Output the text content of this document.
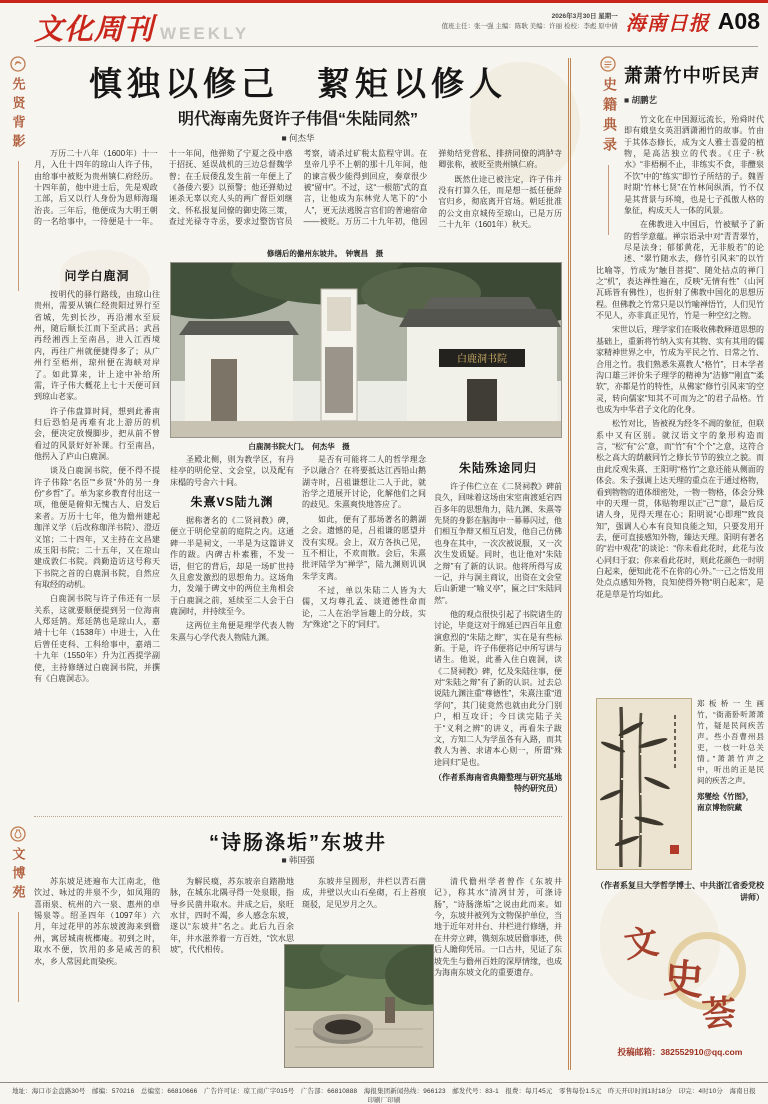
文化周刊 WEEKLY
2026年3月30日 星期一
值班主任：张一强 主编：陈耿 美编：许丽 检校：李彪 原中倩 海南日报 A08
先贤背影
文博苑
慎独以修己　絜矩以修人
明代海南先贤许子伟倡“朱陆同然”
■ 何杰华

万历二十八年（1600年）十一月，入仕十四年的琼山人许子伟，由给事中被贬为贵州镇仁府经历。十四年前，他中进士后，先是观政工部，后又以行人身份为恩师海瑞治丧。三年后，他便成为大明王朝的一名给事中，一待便是十一年。十一年间，他弹劾了宁夏之役中惑于招抚、延误战机的三边总督魏学曾；在壬辰倭乱发生前一年便上了《备倭六要》以预警；他还弹劾过诬杀无辜以充人头的两广督臣刘继文、怀私报复同僚的御史陈三策，查过光禄寺寺丞，要求过整饬官员考察，请杀过矿税太监程守训。在皇帝几乎不上朝的那十几年间，他的谏言极少能得到回应，奏章很少被“留中”。不过，这“一根筋”式的直言，让他成为东林党人笔下的“小人”，更无法逃脱言官们的普遍宿命——被贬。万历二十九年初，他因弹劾结党营私、排挤同僚的鸿胪寺卿张称，被贬至贵州镇仁府。

既然仕途已被注定，许子伟并没有打算久任，而是想一抵任便辞官归乡，彻底离开官场。朝廷批准的公文由京城传至琼山，已是万历二十九年（1601年）秋天。

问学白鹿洞

按明代的驿行路线，由琼山往贵州，需要从镇仁经贵阳过界行至省城，先到长沙，再沿湘水至辰州，随后顺长江而下至武昌；武昌再经湘西上至南昌，进入江西境内，再往广州就便捷得多了；从广州行至梧州，琼州便在海峡对岸了。如此算来，计上途中补给所需，许子伟大概花上七十天便可回到琼山老家。

许子伟盘算时间，想到此番南归后恐怕是再难有北上游历的机会，便决定放慢脚步，把从前不曾看过的风景好好补课。行至南昌，他拐入了庐山白鹿洞。

谈及白鹿洞书院，便不得不提许子伟除“名臣”“乡贤”外的另一身份“乡哲”了。单为家乡教育付出这一项，他便是俯仰无愧古人、启发后来者。万历十七年，他为儋州建起珈洋义学（后改称珈洋书院）、澄迈义馆；二十四年，又主持在文昌建成玉阳书院；二十五年，又在琼山建成敦仁书院。尚勤造访这号称天下书院之首的白鹿洞书院，自然应有取经的动机。

白鹿洞书院与许子伟还有一层关系，这就要顺便提到另一位海南人郑廷鹄。郑廷鹄也是琼山人，嘉靖十七年（1538年）中进士，入仕后曾任吏科、工科给事中，嘉靖二十九年（1550年）升为江西提学副使，主持修缮过白鹿洞书院，并撰有《白鹿洞志》。

白鹿洞书院
白鹿洞书院大门。　何杰华　摄

圣殿北侧，则为教学区，有丹桂亭的明伦堂、文会堂，以及配有床榻的号舍六十间。

朱熹VS陆九渊

据称著名的《二贤祠教》碑，便立于明伦堂前的庭院之内。这通碑一半是祠文，一半是为这篇讲义作的跋。内碑古朴素雅，不发一语，但它的背后，却是一场旷世持久且愈发激烈的思想角力。这场角力，发端于碑文中的两位主角相会于白鹿洞之前，延续至二人会于白鹿洞时，并持续至今。

这两位主角便是理学代表人物朱熹与心学代表人物陆九渊。

是否有可能将二人的哲学理念予以融合？在将要抵达江西铅山鹅湖寺时，吕祖谦想让二人于此，就治学之道展开讨论，化解他们之间的歧见。朱熹爽快地答应了。

如此，便有了那场著名的鹅湖之会。遗憾的是，吕祖谦的愿望并没有实现。会上，双方各执己见，互不相让，不欢而散。会后，朱熹批评陆学为“禅学”，陆九渊则讥讽朱学支离。

不过，单以朱陆二人皆为大儒，又均尊孔孟、谈道德性命而论，二人在治学旨趣上的分歧，实为“殊途”之下的“同归”。

朱陆殊途同归

许子伟伫立在《二贤祠教》碑前良久，回味着这场由宋室南渡延宕四百多年的思想角力，陆九渊、朱熹等先贤的身影在脑海中一幕幕闪过，他们相互争辩又相互启发，他自己仿佛也身在其中，一次次被说服，又一次次生发质疑。同时，也让他对“朱陆之辩”有了新的认识。他将所得写成一记，并与洞主商议，出资在文会堂后山新建一“喻义亭”，匾之曰“朱陆同然”。

他的观点很快引起了书院诸生的讨论，毕竟这对于绵延已四百年且愈演愈烈的“朱陆之辩”，实在是有些标新。于是，许子伟便将记中所写讲与诸生。他说，此番入住白鹿洞，读《二贤祠教》碑，忆及朱陆往事，便对“朱陆之辩”有了新的认识。过去总说陆九渊注重“尊德性”，朱熹注重“道学问”，其门徒竟然也就由此分门别户，相互攻讦；今日读完陆子关于“义利之辨”的讲义，再看朱子跋文，方知二人为学虽各有入路，而其教人为善、求诸本心则一，所谓“殊途同归”是也。

（作者系海南省典籍整理与研究基地特约研究员）
“诗肠涤垢”东坡井
■ 韩国强

苏东坡足迹遍布大江南北，他饮过、咏过的井泉不少，如凤翔的喜雨泉、杭州的六一泉、惠州的卓锡泉等。绍圣四年（1097年）六月，年过花甲的苏东坡渡海来到儋州，寓居城南桄榔庵。初到之时，取水不便，饮用的多是咸苦的积水，乡人常因此而染疾。

为解民瘼，苏东坡亲自踏勘地脉，在城东北隅寻得一处泉眼，指导乡民凿井取水。井成之后，泉旺水甘，四时不竭，乡人感念东坡，遂以“东坡井”名之。此后九百余年，井水滋养着一方百姓，“饮水思坡”，代代相传。

东坡井呈圆形，井栏以青石凿成，井壁以火山石垒砌，石上苔痕斑驳，足见岁月之久。

清代儋州学者曾作《东坡井记》，称其水“清冽甘芳，可涤诗肠”，“诗肠涤垢”之说由此而来。如今，东坡井被列为文物保护单位，当地于近年对井台、井栏进行修缮，并在井旁立碑，镌刻东坡居儋事迹，供后人瞻仰凭吊。一口古井，见证了东坡先生与儋州百姓的深厚情缘，也成为海南东坡文化的重要遗存。

修缮后的儋州东坡井。　钟寰昌　摄
史籍典录
萧萧竹中听民声
■ 胡鹏艺

竹文化在中国源远流长，殆舜时代即有娥皇女英泪洒潇湘竹的故事。竹由于其体态修长，成为文人雅士喜爱的植物，是高洁独立的代表。《庄子·秋水》“非梧桐不止，非练实不食，非醴泉不饮”中的“练实”即竹子所结的子。魏晋时期“竹林七贤”在竹林间纵酒，竹不仅是其背景与环境，也是七子孤傲人格的象征，构成天人一体的风景。

在佛教进入中国后，竹被赋予了新的哲学意蕴。禅宗语录中对“青青翠竹，尽是法身；郁郁黄花，无非般若”的论述、“翠竹随水去，修竹引风来”的以竹比喻等，竹成为“触目菩提”、随处拈点的禅门之“机”，表达禅性遍在，反映“无情有性”（山河瓦砾皆有佛性），也折射了佛教中国化的思想历程。但佛教之竹常只是以竹喻禅悟竹，人们见竹不见人，亦非真正见竹，竹是一种空幻之物。

宋世以后，理学家们在吸收佛教释道思想的基础上，重新将竹纳入实有其物、实有其用的儒家精神世界之中，竹成为平民之竹、日常之竹、合用之竹。我们熟悉朱熹教人“格竹”，日本学者沟口雄三评价朱子理学的精神为“洁修”“刚直”“柔软”，亦都是竹的特性，从佛家“修竹引风来”的空灵，转向儒家“知其不可而为之”的君子品格。竹也成为中华君子文化的化身。

松竹对比，皆被视为经冬不凋的象征，但联系中又有区别。就汉语文字的象形构造而言，“松”有“公”意，而“竹”有“个个”之意，这符合松之高大的荫蔽同竹之修长节节的独立之貌。而由此反观朱熹、王阳明“格竹”之意还能从侧面的体会。朱子强调上达天理的重点在于通过格物，看到物物的道体细密处，一物一物格，体会分殊中的天理一贯，体贴物理以正“己”“意”，最后反诸人身，见得天理在心；阳明说“心即理”“致良知”，强调人心本有良知良能之知，只要发用开去，便可直接感知外物，臻达天理。阳明有著名的“岩中观花”的谈论：“你未看此花时，此花与汝心同归于寂；你来看此花时，则此花颜色一时明白起来，便知此花不在你的心外。”一己之悟发用处点点感知外物，良知使得外物“明白起来”，是花是草是竹均如此。

郑板桥一生画竹，“衙斋卧听萧萧竹，疑是民间疾苦声。些小吾曹州县吏，一枝一叶总关情。”萧萧竹声之中，听出的正是民间的疾苦之声。
郑燮绘《竹图》，
南京博物院藏
（作者系复旦大学哲学博士、中共浙江省委党校讲师）
文
史
荟
投稿邮箱：382552910@qq.com
地址：海口市金盘路30号　邮编：570216　总编室：66810666　广告许可证：琼工商广字015号　广告部：66810888　海报集团新闻热线：966123　邮发代号：83-1　报费：每月45元　零售每份1.5元　昨天开印时间1时18分　印完：4时10分　海南日报印刷厂印刷
